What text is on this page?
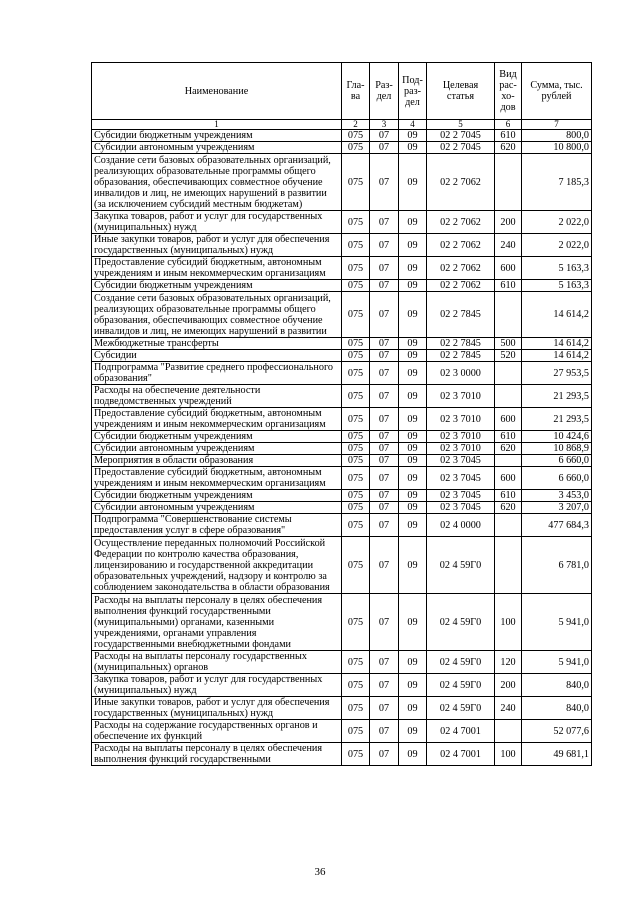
Наименование	Гла-ва	Раз-дел	Под-раз-дел	Целевая статья	Вид рас-хо-дов	Сумма, тыс. рублей
1	2	3	4	5	6	7
Субсидии бюджетным учреждениям	075	07	09	02 2 7045	610	800,0
Субсидии автономным учреждениям	075	07	09	02 2 7045	620	10 800,0
Создание сети базовых образовательных организаций, реализующих образовательные программы общего образования, обеспечивающих совместное обучение инвалидов и лиц, не имеющих нарушений в развитии (за исключением субсидий местным бюджетам)	075	07	09	02 2 7062		7 185,3
Закупка товаров, работ и услуг для государственных (муниципальных) нужд	075	07	09	02 2 7062	200	2 022,0
Иные закупки товаров, работ и услуг для обеспечения государственных (муниципальных) нужд	075	07	09	02 2 7062	240	2 022,0
Предоставление субсидий бюджетным, автономным учреждениям и иным некоммерческим организациям	075	07	09	02 2 7062	600	5 163,3
Субсидии бюджетным учреждениям	075	07	09	02 2 7062	610	5 163,3
Создание сети базовых образовательных организаций, реализующих образовательные программы общего образования, обеспечивающих совместное обучение инвалидов и лиц, не имеющих нарушений в развитии	075	07	09	02 2 7845		14 614,2
Межбюджетные трансферты	075	07	09	02 2 7845	500	14 614,2
Субсидии	075	07	09	02 2 7845	520	14 614,2
Подпрограмма "Развитие среднего профессионального образования"	075	07	09	02 3 0000		27 953,5
Расходы на обеспечение деятельности подведомственных учреждений	075	07	09	02 3 7010		21 293,5
Предоставление субсидий бюджетным, автономным учреждениям и иным некоммерческим организациям	075	07	09	02 3 7010	600	21 293,5
Субсидии бюджетным учреждениям	075	07	09	02 3 7010	610	10 424,6
Субсидии автономным учреждениям	075	07	09	02 3 7010	620	10 868,9
Мероприятия в области образования	075	07	09	02 3 7045		6 660,0
Предоставление субсидий бюджетным, автономным учреждениям и иным некоммерческим организациям	075	07	09	02 3 7045	600	6 660,0
Субсидии бюджетным учреждениям	075	07	09	02 3 7045	610	3 453,0
Субсидии автономным учреждениям	075	07	09	02 3 7045	620	3 207,0
Подпрограмма "Совершенствование системы предоставления услуг в сфере образования"	075	07	09	02 4 0000		477 684,3
Осуществление переданных полномочий Российской Федерации по контролю качества образования, лицензированию и государственной аккредитации образовательных учреждений, надзору и контролю за соблюдением законодательства в области образования	075	07	09	02 4 59Г0		6 781,0
Расходы на выплаты персоналу в целях обеспечения выполнения функций государственными (муниципальными) органами, казенными учреждениями, органами управления государственными внебюджетными фондами	075	07	09	02 4 59Г0	100	5 941,0
Расходы на выплаты персоналу государственных (муниципальных) органов	075	07	09	02 4 59Г0	120	5 941,0
Закупка товаров, работ и услуг для государственных (муниципальных) нужд	075	07	09	02 4 59Г0	200	840,0
Иные закупки товаров, работ и услуг для обеспечения государственных (муниципальных) нужд	075	07	09	02 4 59Г0	240	840,0
Расходы на содержание государственных органов и обеспечение их функций	075	07	09	02 4 7001		52 077,6
Расходы на выплаты персоналу в целях обеспечения выполнения функций государственными	075	07	09	02 4 7001	100	49 681,1
36
